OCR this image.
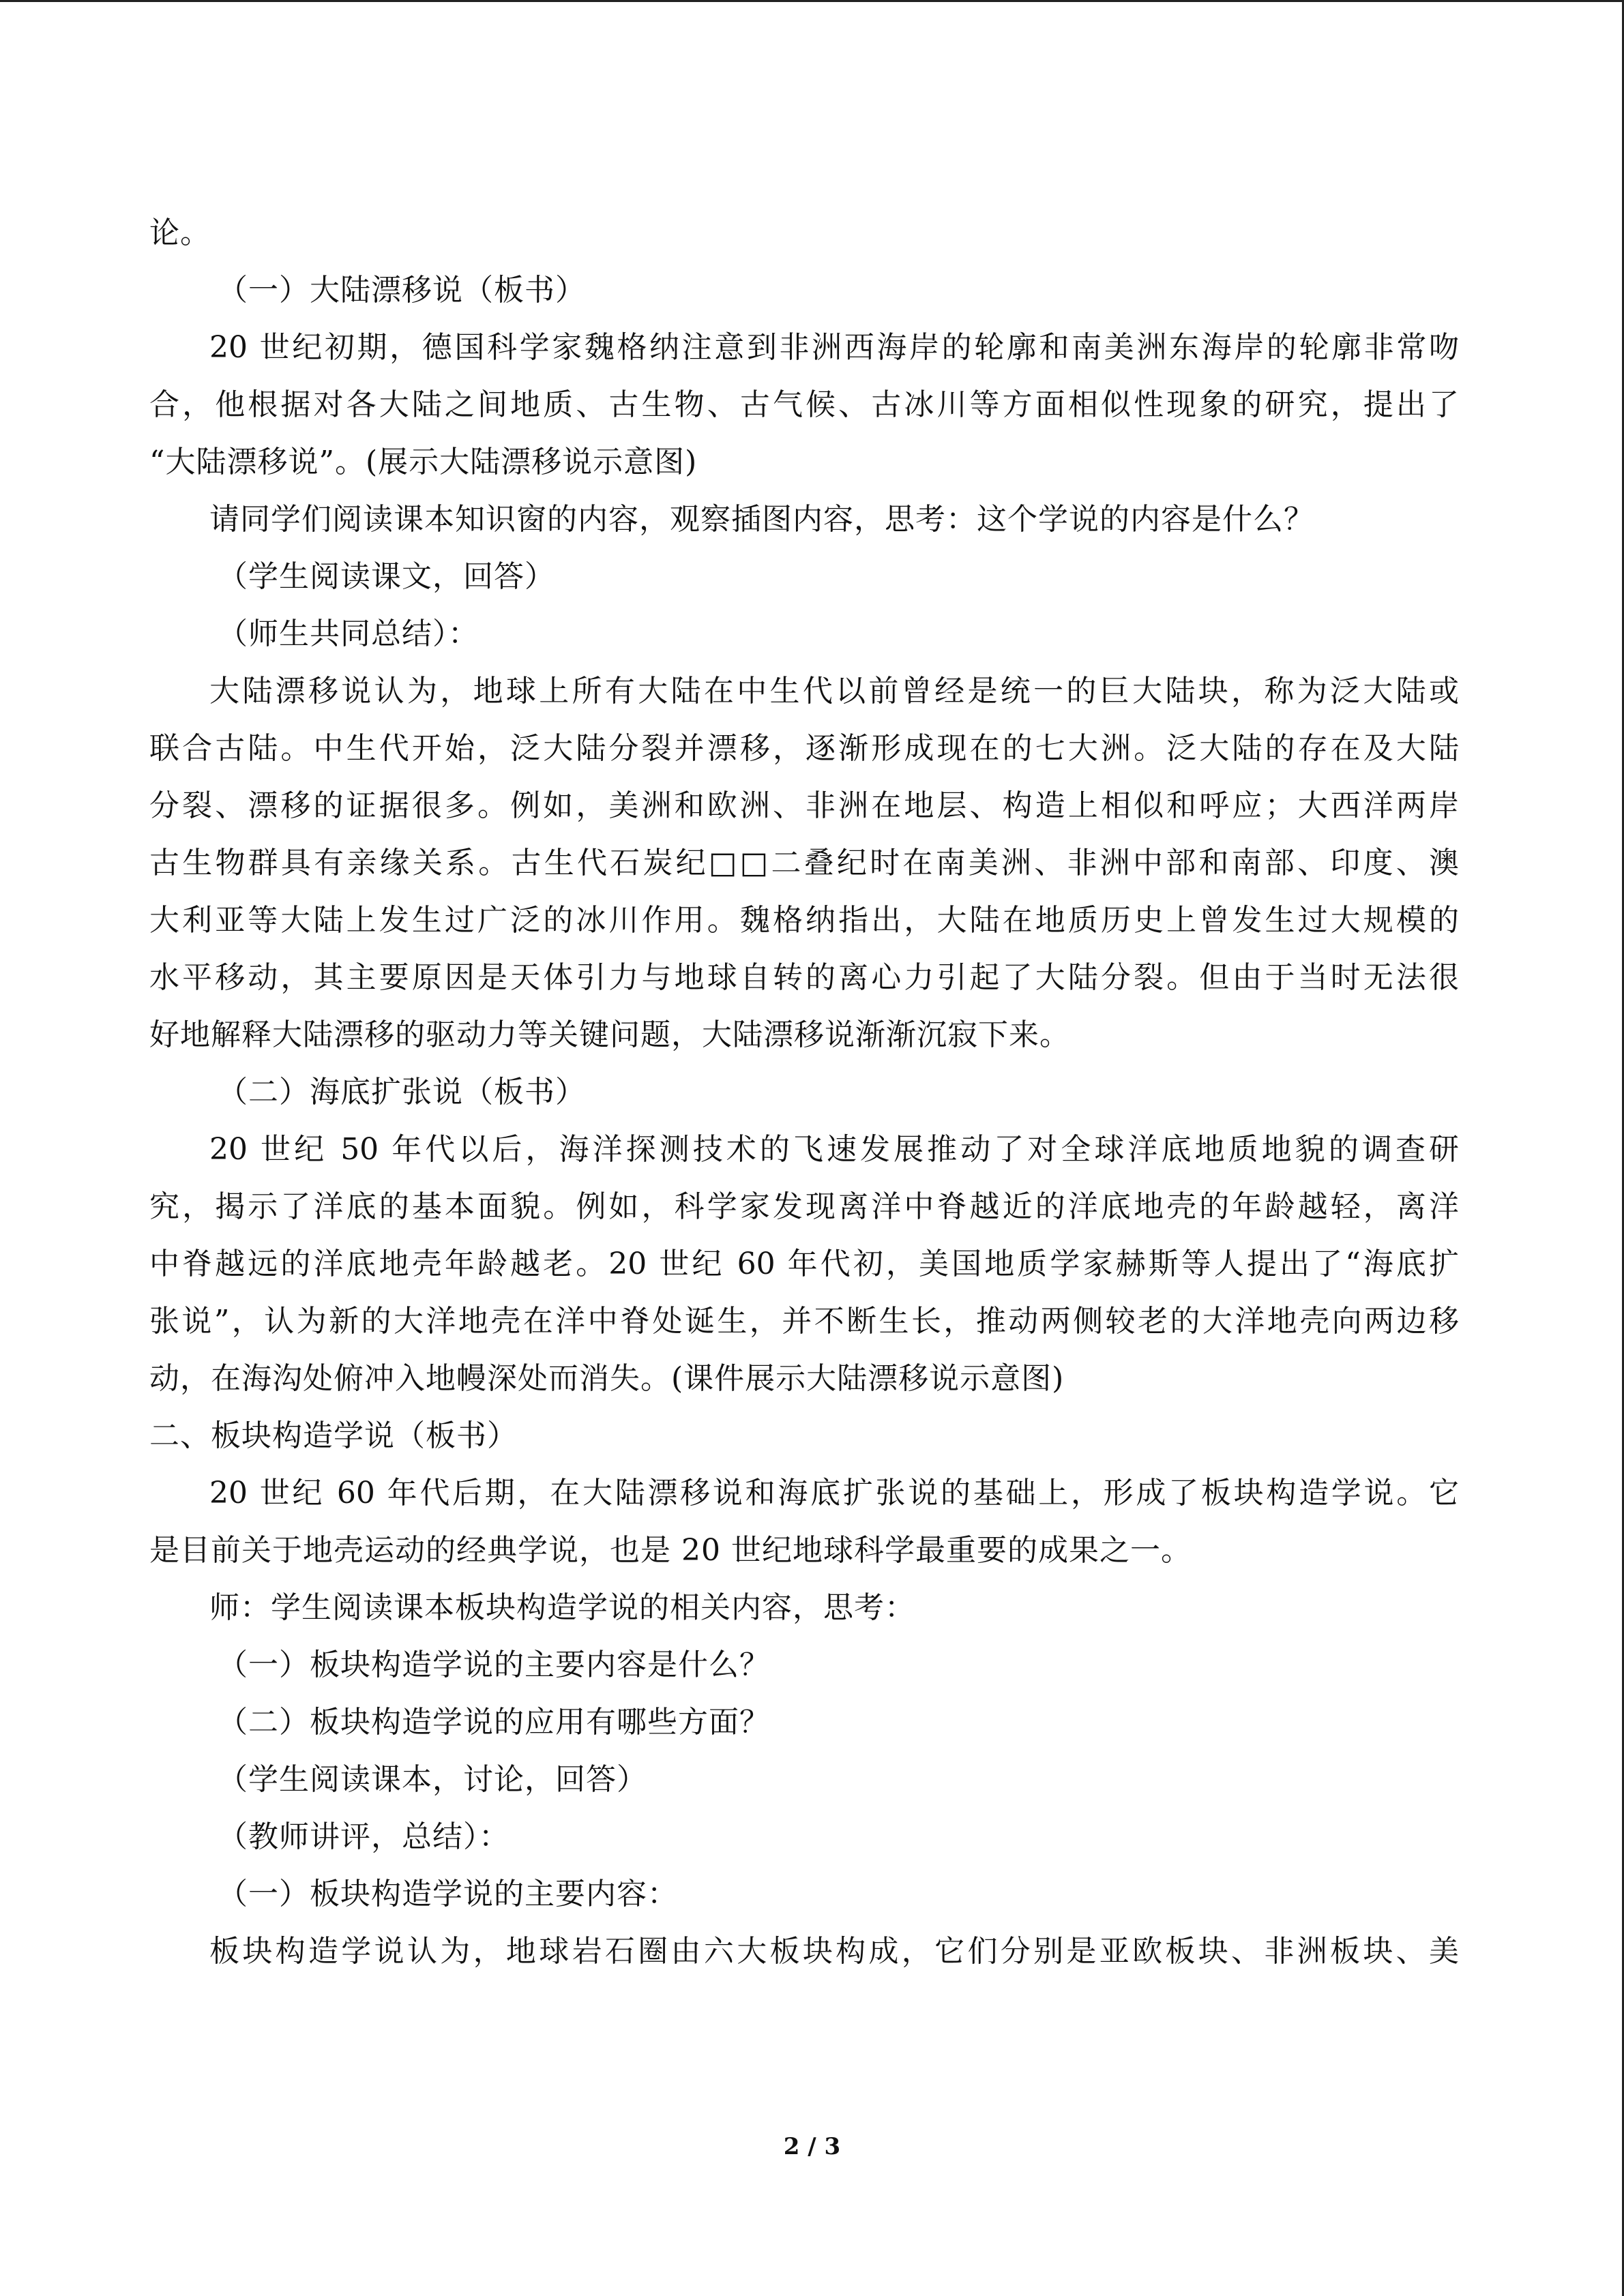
论。
（一）大陆漂移说（板书）
20 世纪初期，德国科学家魏格纳注意到非洲西海岸的轮廓和南美洲东海岸的轮廓非常吻
合，他根据对各大陆之间地质、古生物、古气候、古冰川等方面相似性现象的研究，提出了
“大陆漂移说”。(展示大陆漂移说示意图)
请同学们阅读课本知识窗的内容，观察插图内容，思考：这个学说的内容是什么？
（学生阅读课文，回答）
（师生共同总结）：
大陆漂移说认为，地球上所有大陆在中生代以前曾经是统一的巨大陆块，称为泛大陆或
联合古陆。中生代开始，泛大陆分裂并漂移，逐渐形成现在的七大洲。泛大陆的存在及大陆
分裂、漂移的证据很多。例如，美洲和欧洲、非洲在地层、构造上相似和呼应；大西洋两岸
古生物群具有亲缘关系。古生代石炭纪□□二叠纪时在南美洲、非洲中部和南部、印度、澳
大利亚等大陆上发生过广泛的冰川作用。魏格纳指出，大陆在地质历史上曾发生过大规模的
水平移动，其主要原因是天体引力与地球自转的离心力引起了大陆分裂。但由于当时无法很
好地解释大陆漂移的驱动力等关键问题，大陆漂移说渐渐沉寂下来。
（二）海底扩张说（板书）
20 世纪 50 年代以后，海洋探测技术的飞速发展推动了对全球洋底地质地貌的调查研
究，揭示了洋底的基本面貌。例如，科学家发现离洋中脊越近的洋底地壳的年龄越轻，离洋
中脊越远的洋底地壳年龄越老。20 世纪 60 年代初，美国地质学家赫斯等人提出了“海底扩
张说”，认为新的大洋地壳在洋中脊处诞生，并不断生长，推动两侧较老的大洋地壳向两边移
动，在海沟处俯冲入地幔深处而消失。(课件展示大陆漂移说示意图)
二、板块构造学说（板书）
20 世纪 60 年代后期，在大陆漂移说和海底扩张说的基础上，形成了板块构造学说。它
是目前关于地壳运动的经典学说，也是 20 世纪地球科学最重要的成果之一。
师：学生阅读课本板块构造学说的相关内容，思考：
（一）板块构造学说的主要内容是什么？
（二）板块构造学说的应用有哪些方面？
（学生阅读课本，讨论，回答）
（教师讲评，总结）：
（一）板块构造学说的主要内容：
板块构造学说认为，地球岩石圈由六大板块构成，它们分别是亚欧板块、非洲板块、美
2 / 3
